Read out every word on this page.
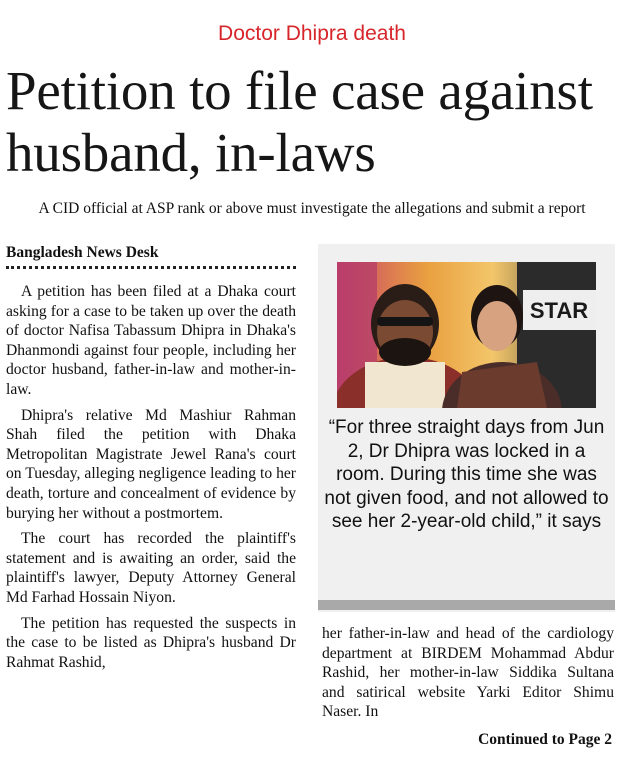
Doctor Dhipra death
Petition to file case against husband, in-laws
A CID official at ASP rank or above must investigate the allegations and submit a report
Bangladesh News Desk

A petition has been filed at a Dhaka court asking for a case to be taken up over the death of doctor Nafisa Tabassum Dhipra in Dhaka's Dhanmondi against four people, including her doctor husband, father-in-law and mother-in-law.

Dhipra's relative Md Mashiur Rahman Shah filed the petition with Dhaka Metropolitan Magistrate Jewel Rana's court on Tuesday, alleging negligence leading to her death, torture and concealment of evidence by burying her without a postmortem.

The court has recorded the plaintiff's statement and is awaiting an order, said the plaintiff's lawyer, Deputy Attorney General Md Farhad Hossain Niyon.

The petition has requested the suspects in the case to be listed as Dhipra's husband Dr Rahmat Rashid,

STAR
“For three straight days from Jun 2, Dr Dhipra was locked in a room. During this time she was not given food, and not allowed to see her 2-year-old child,” it says

her father-in-law and head of the cardiology department at BIRDEM Mohammad Abdur Rashid, her mother-in-law Siddika Sultana and satirical website Yarki Editor Shimu Naser. In

Continued to Page 2
